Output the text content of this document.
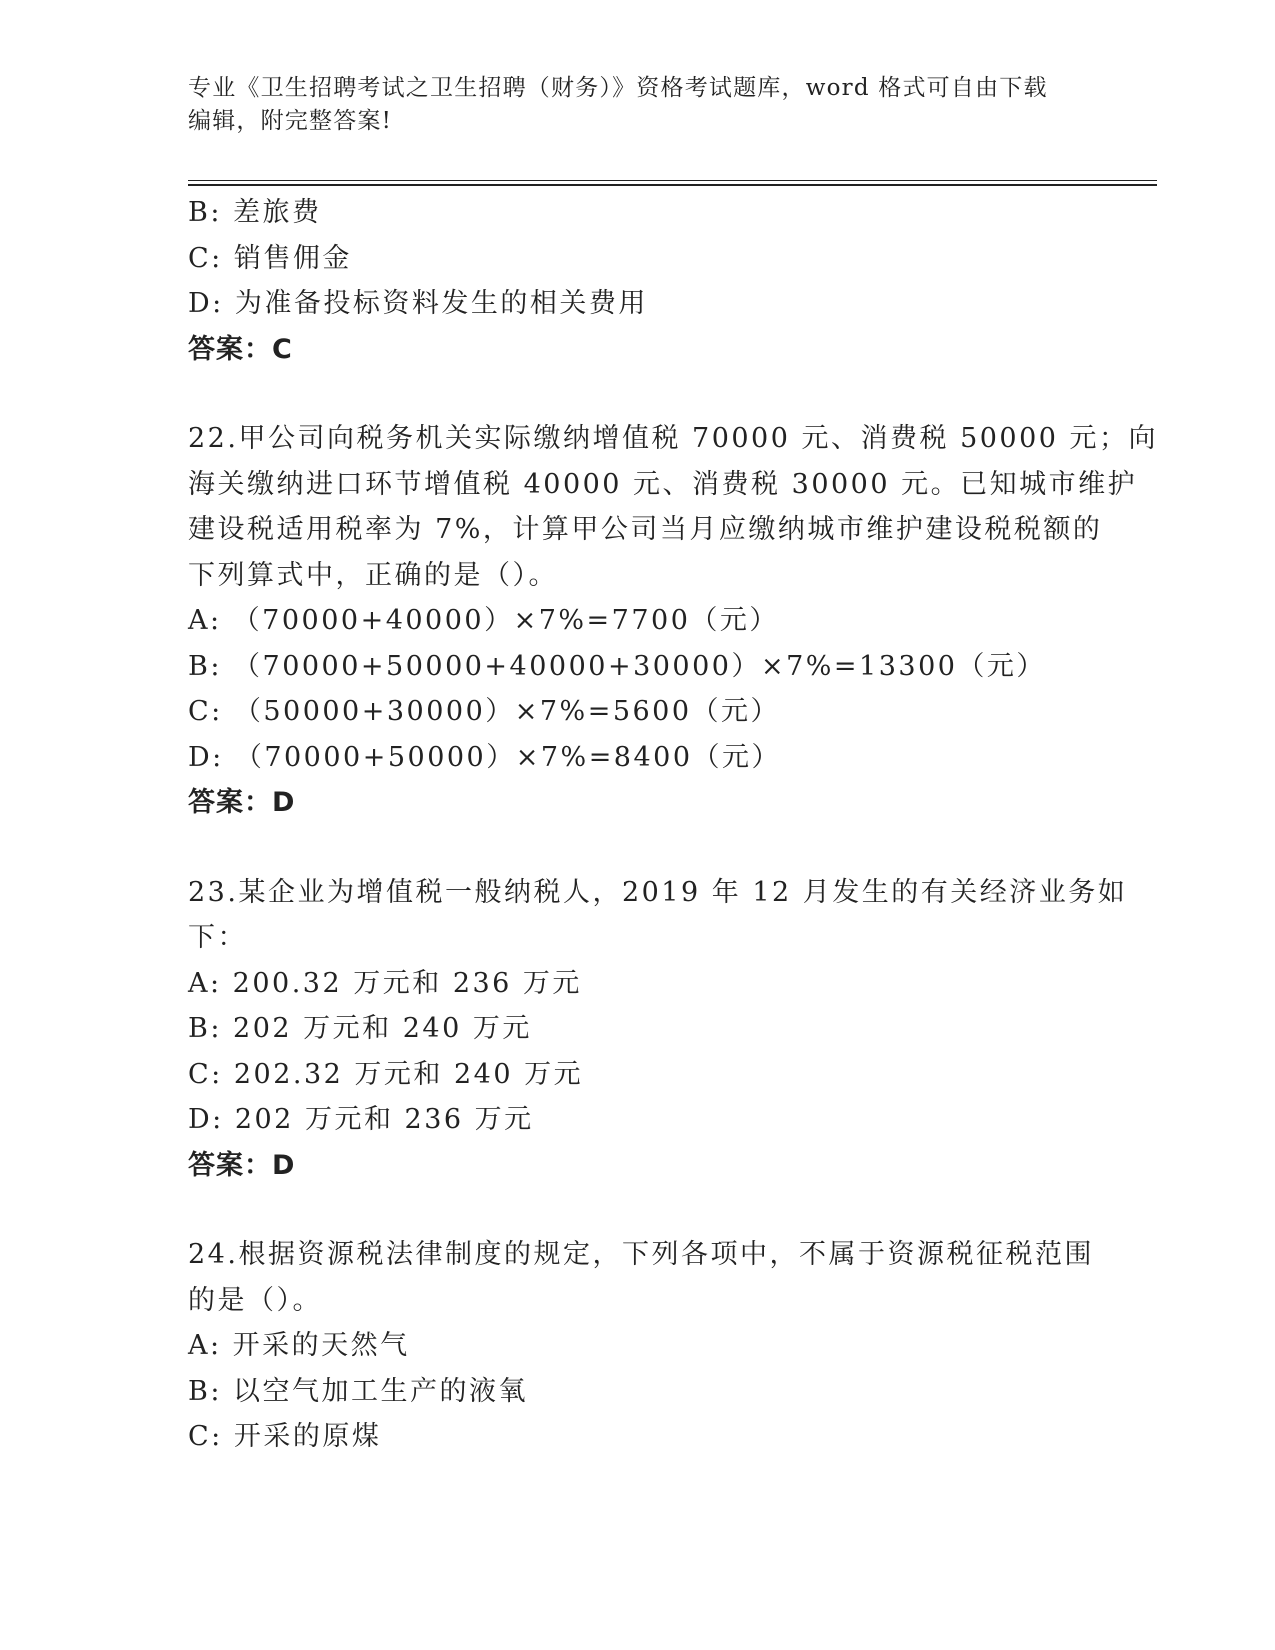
专业《卫生招聘考试之卫生招聘（财务）》资格考试题库，word 格式可自由下载
编辑，附完整答案!
B: 差旅费
C: 销售佣金
D: 为准备投标资料发生的相关费用
答案：C
22.甲公司向税务机关实际缴纳增值税 70000 元、消费税 50000 元；向
海关缴纳进口环节增值税 40000 元、消费税 30000 元。已知城市维护
建设税适用税率为 7%，计算甲公司当月应缴纳城市维护建设税税额的
下列算式中，正确的是（）。
A: （70000+40000）×7%=7700（元）
B: （70000+50000+40000+30000）×7%=13300（元）
C: （50000+30000）×7%=5600（元）
D: （70000+50000）×7%=8400（元）
答案：D
23.某企业为增值税一般纳税人，2019 年 12 月发生的有关经济业务如
下：
A: 200.32 万元和 236 万元
B: 202 万元和 240 万元
C: 202.32 万元和 240 万元
D: 202 万元和 236 万元
答案：D
24.根据资源税法律制度的规定，下列各项中，不属于资源税征税范围
的是（）。
A: 开采的天然气
B: 以空气加工生产的液氧
C: 开采的原煤
